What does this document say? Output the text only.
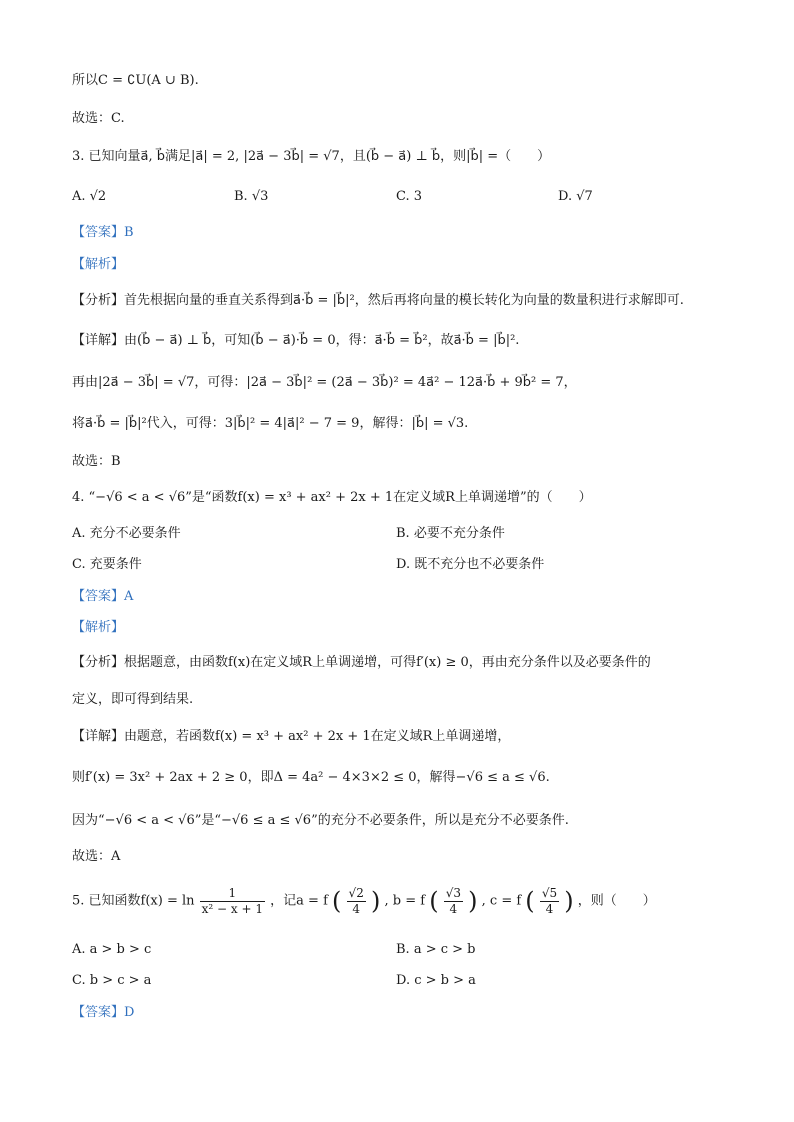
所以C = ∁U(A ∪ B).
故选：C.
3. 已知向量a⃗, b⃗满足|a⃗| = 2, |2a⃗ − 3b⃗| = √7，且(b⃗ − a⃗) ⊥ b⃗，则|b⃗| =（　　）
A. √2	B. √3	C. 3	D. √7
【答案】B
【解析】
【分析】首先根据向量的垂直关系得到a⃗·b⃗ = |b⃗|²，然后再将向量的模长转化为向量的数量积进行求解即可.
【详解】由(b⃗ − a⃗) ⊥ b⃗，可知(b⃗ − a⃗)·b⃗ = 0，得：a⃗·b⃗ = b⃗²，故a⃗·b⃗ = |b⃗|².
再由|2a⃗ − 3b⃗| = √7，可得：|2a⃗ − 3b⃗|² = (2a⃗ − 3b⃗)² = 4a⃗² − 12a⃗·b⃗ + 9b⃗² = 7，
将a⃗·b⃗ = |b⃗|²代入，可得：3|b⃗|² = 4|a⃗|² − 7 = 9，解得：|b⃗| = √3.
故选：B
4. “−√6 < a < √6”是“函数f(x) = x³ + ax² + 2x + 1在定义域R上单调递增”的（　　）
A. 充分不必要条件	B. 必要不充分条件
C. 充要条件	D. 既不充分也不必要条件
【答案】A
【解析】
【分析】根据题意，由函数f(x)在定义域R上单调递增，可得f′(x) ≥ 0，再由充分条件以及必要条件的
定义，即可得到结果.
【详解】由题意，若函数f(x) = x³ + ax² + 2x + 1在定义域R上单调递增，
则f′(x) = 3x² + 2ax + 2 ≥ 0，即Δ = 4a² − 4×3×2 ≤ 0，解得−√6 ≤ a ≤ √6.
因为“−√6 < a < √6”是“−√6 ≤ a ≤ √6”的充分不必要条件，所以是充分不必要条件.
故选：A
5. 已知函数$f(x) = \ln \frac{1}{\text{x² − x + 1}}$ ，记a = f ( $\frac{√2}{4}$ ) , b = f ( $\frac{√3}{4}$ ) , c = f ( $\frac{√5}{4}$ ) ，则（　　）
A. a > b > c	B. a > c > b
C. b > c > a	D. c > b > a
【答案】D
